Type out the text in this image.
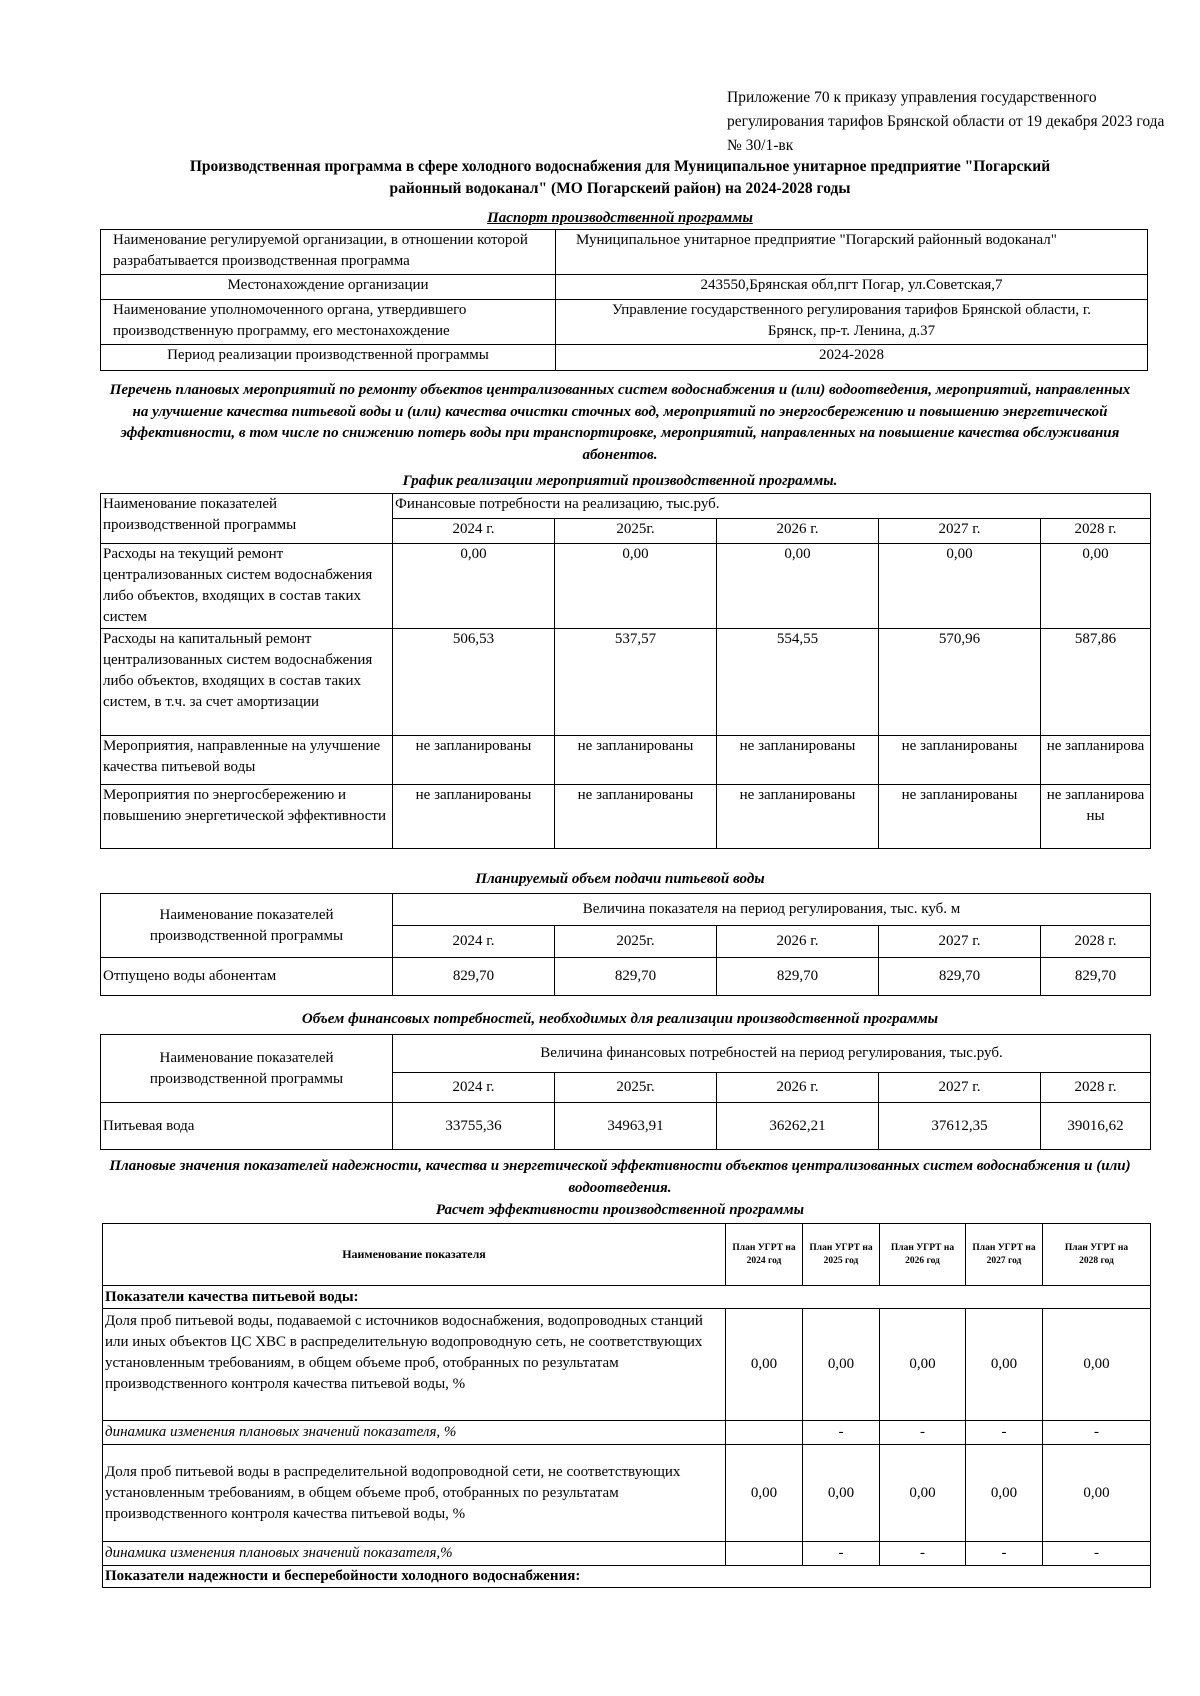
Приложение 70 к приказу управления государственного регулирования тарифов Брянской области от 19 декабря 2023 года № 30/1-вк
Производственная программа в сфере холодного водоснабжения для Муниципальное унитарное предприятие "Погарский
районный водоканал" (МО Погарскеий район) на 2024-2028 годы
Паспорт производственной программы
Наименование регулируемой организации, в отношении которой разрабатывается производственная программа	Муниципальное унитарное предприятие "Погарский районный водоканал"
Местонахождение организации	243550,Брянская обл,пгт Погар, ул.Советская,7
Наименование уполномоченного органа, утвердившего производственную программу, его местонахождение	Управление государственного регулирования тарифов Брянской области, г. Брянск, пр-т. Ленина, д.37
Период реализации производственной программы	2024-2028
Перечень плановых мероприятий по ремонту объектов централизованных систем водоснабжения и (или) водоотведения, мероприятий, направленных на улучшение качества питьевой воды и (или) качества очистки сточных вод, мероприятий по энергосбережению и повышению энергетической эффективности, в том числе по снижению потерь воды при транспортировке, мероприятий, направленных на повышение качества обслуживания абонентов.
График реализации мероприятий производственной программы.
Наименование показателей производственной программы	Финансовые потребности на реализацию, тыс.руб.				
	2024 г.	2025г.	2026 г.	2027 г.	2028 г.
Расходы на текущий ремонт централизованных систем водоснабжения либо объектов, входящих в состав таких систем	0,00	0,00	0,00	0,00	0,00
Расходы на капитальный ремонт централизованных систем водоснабжения либо объектов, входящих в состав таких систем, в т.ч. за счет амортизации	506,53	537,57	554,55	570,96	587,86
Мероприятия, направленные на улучшение качества питьевой воды	не запланированы	не запланированы	не запланированы	не запланированы	не запланирова
Мероприятия по энергосбережению и повышению энергетической эффективности	не запланированы	не запланированы	не запланированы	не запланированы	не запланирова ны
Планируемый объем подачи питьевой воды
Наименование показателей производственной программы	Величина показателя на период регулирования, тыс. куб. м				
	2024 г.	2025г.	2026 г.	2027 г.	2028 г.
Отпущено воды абонентам	829,70	829,70	829,70	829,70	829,70
Объем финансовых потребностей, необходимых для реализации производственной программы
Наименование показателей производственной программы	Величина финансовых потребностей на период регулирования, тыс.руб.				
	2024 г.	2025г.	2026 г.	2027 г.	2028 г.
Питьевая вода	33755,36	34963,91	36262,21	37612,35	39016,62
Плановые значения показателей надежности, качества и энергетической эффективности объектов централизованных систем водоснабжения и (или) водоотведения.
Расчет эффективности производственной программы
Наименование показателя	План УГРТ на 2024 год	План УГРТ на 2025 год	План УГРТ на 2026 год	План УГРТ на 2027 год	План УГРТ на 2028 год
Показатели качества питьевой воды:					
Доля проб питьевой воды, подаваемой с источников водоснабжения, водопроводных станций или иных объектов ЦС ХВС в распределительную водопроводную сеть, не соответствующих установленным требованиям, в общем объеме проб, отобранных по результатам производственного контроля качества питьевой воды, %	0,00	0,00	0,00	0,00	0,00
динамика изменения плановых значений показателя, %		-	-	-	-
Доля проб питьевой воды в распределительной водопроводной сети, не соответствующих установленным требованиям, в общем объеме проб, отобранных по результатам производственного контроля качества питьевой воды, %	0,00	0,00	0,00	0,00	0,00
динамика изменения плановых значений показателя,%		-	-	-	-
Показатели надежности и бесперебойности холодного водоснабжения:					
